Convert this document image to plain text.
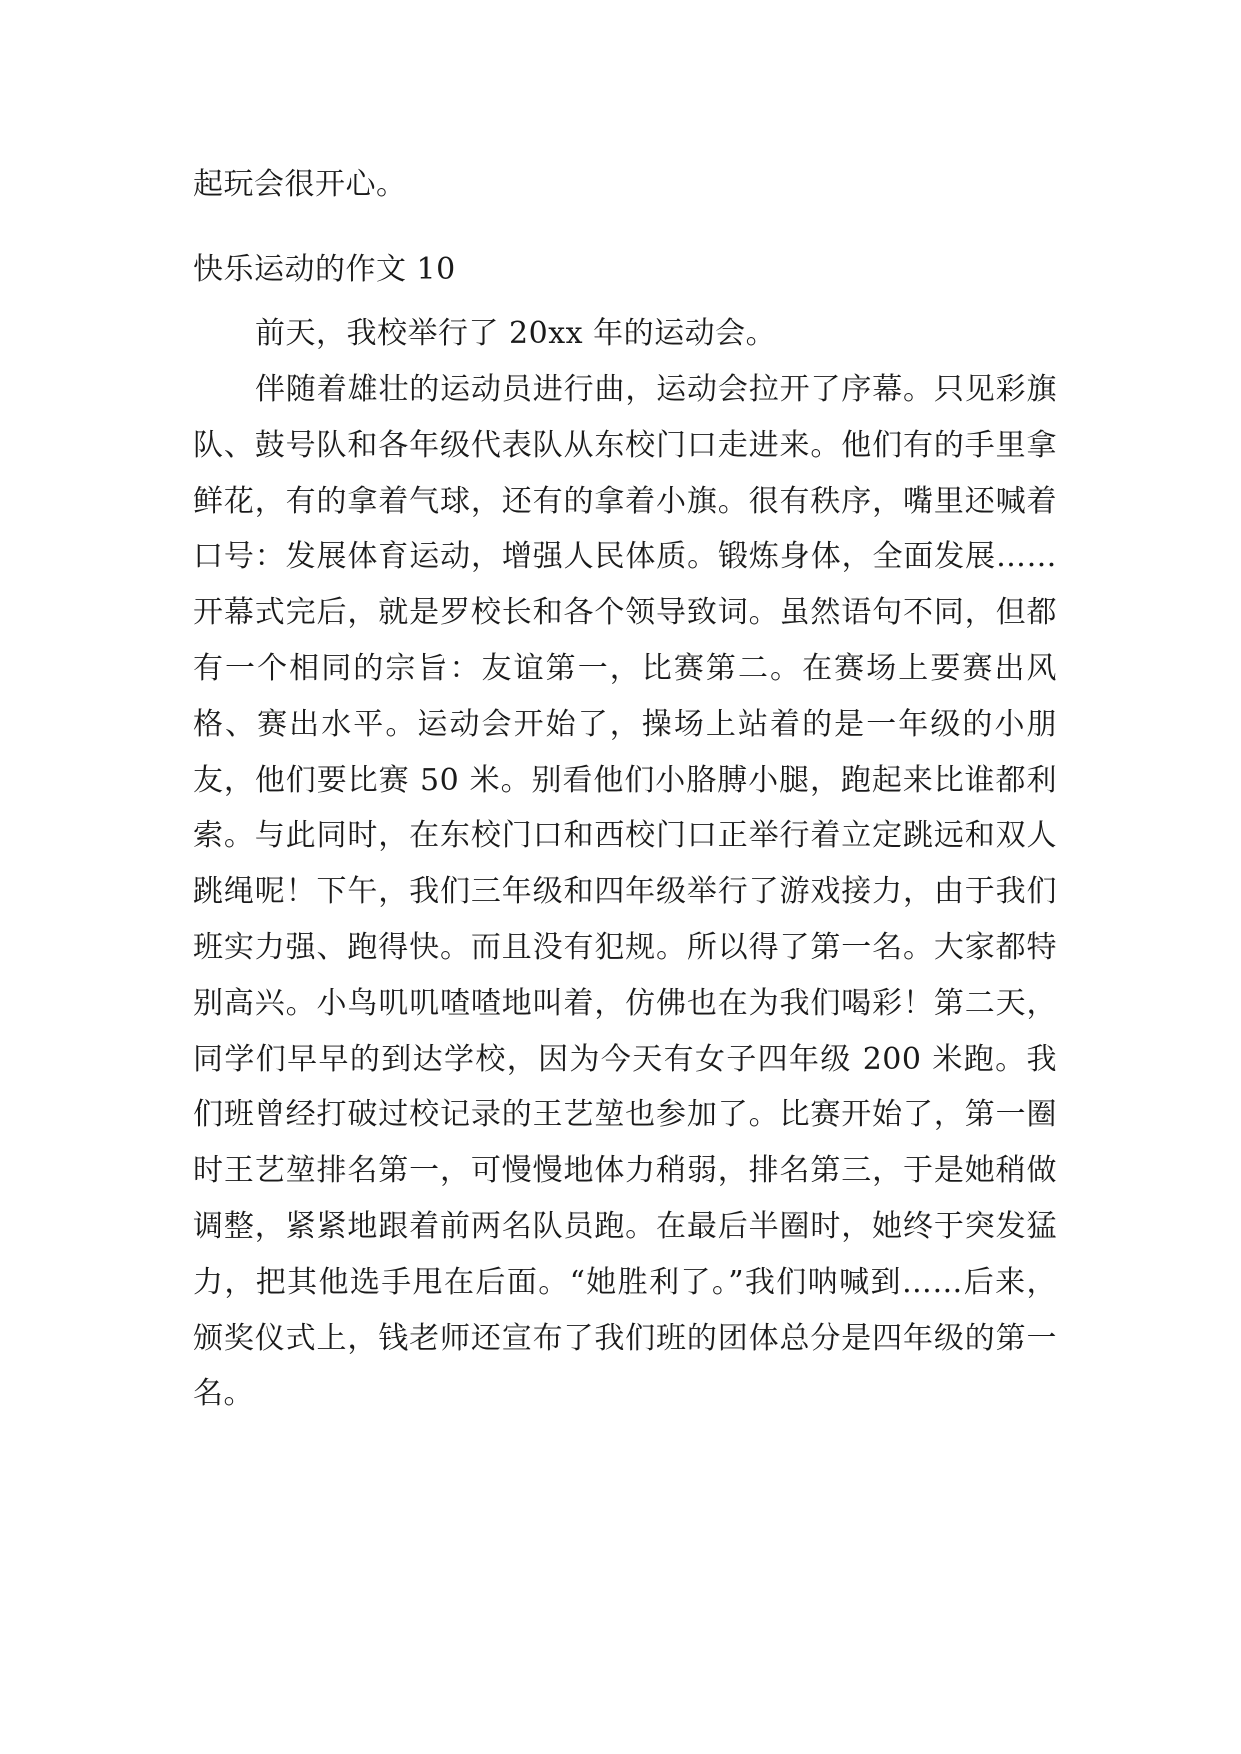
起玩会很开心。
快乐运动的作文 10

前天，我校举行了 20xx 年的运动会。

伴随着雄壮的运动员进行曲，运动会拉开了序幕。只见彩旗队、鼓号队和各年级代表队从东校门口走进来。他们有的手里拿鲜花，有的拿着气球，还有的拿着小旗。很有秩序，嘴里还喊着口号：发展体育运动，增强人民体质。锻炼身体，全面发展……开幕式完后，就是罗校长和各个领导致词。虽然语句不同，但都有一个相同的宗旨：友谊第一，比赛第二。在赛场上要赛出风格、赛出水平。运动会开始了，操场上站着的是一年级的小朋友，他们要比赛 50 米。别看他们小胳膊小腿，跑起来比谁都利索。与此同时，在东校门口和西校门口正举行着立定跳远和双人跳绳呢！下午，我们三年级和四年级举行了游戏接力，由于我们班实力强、跑得快。而且没有犯规。所以得了第一名。大家都特别高兴。小鸟叽叽喳喳地叫着，仿佛也在为我们喝彩！第二天，同学们早早的到达学校，因为今天有女子四年级 200 米跑。我们班曾经打破过校记录的王艺堃也参加了。比赛开始了，第一圈时王艺堃排名第一，可慢慢地体力稍弱，排名第三，于是她稍做调整，紧紧地跟着前两名队员跑。在最后半圈时，她终于突发猛力，把其他选手甩在后面。“她胜利了。”我们呐喊到……后来，颁奖仪式上，钱老师还宣布了我们班的团体总分是四年级的第一名。
